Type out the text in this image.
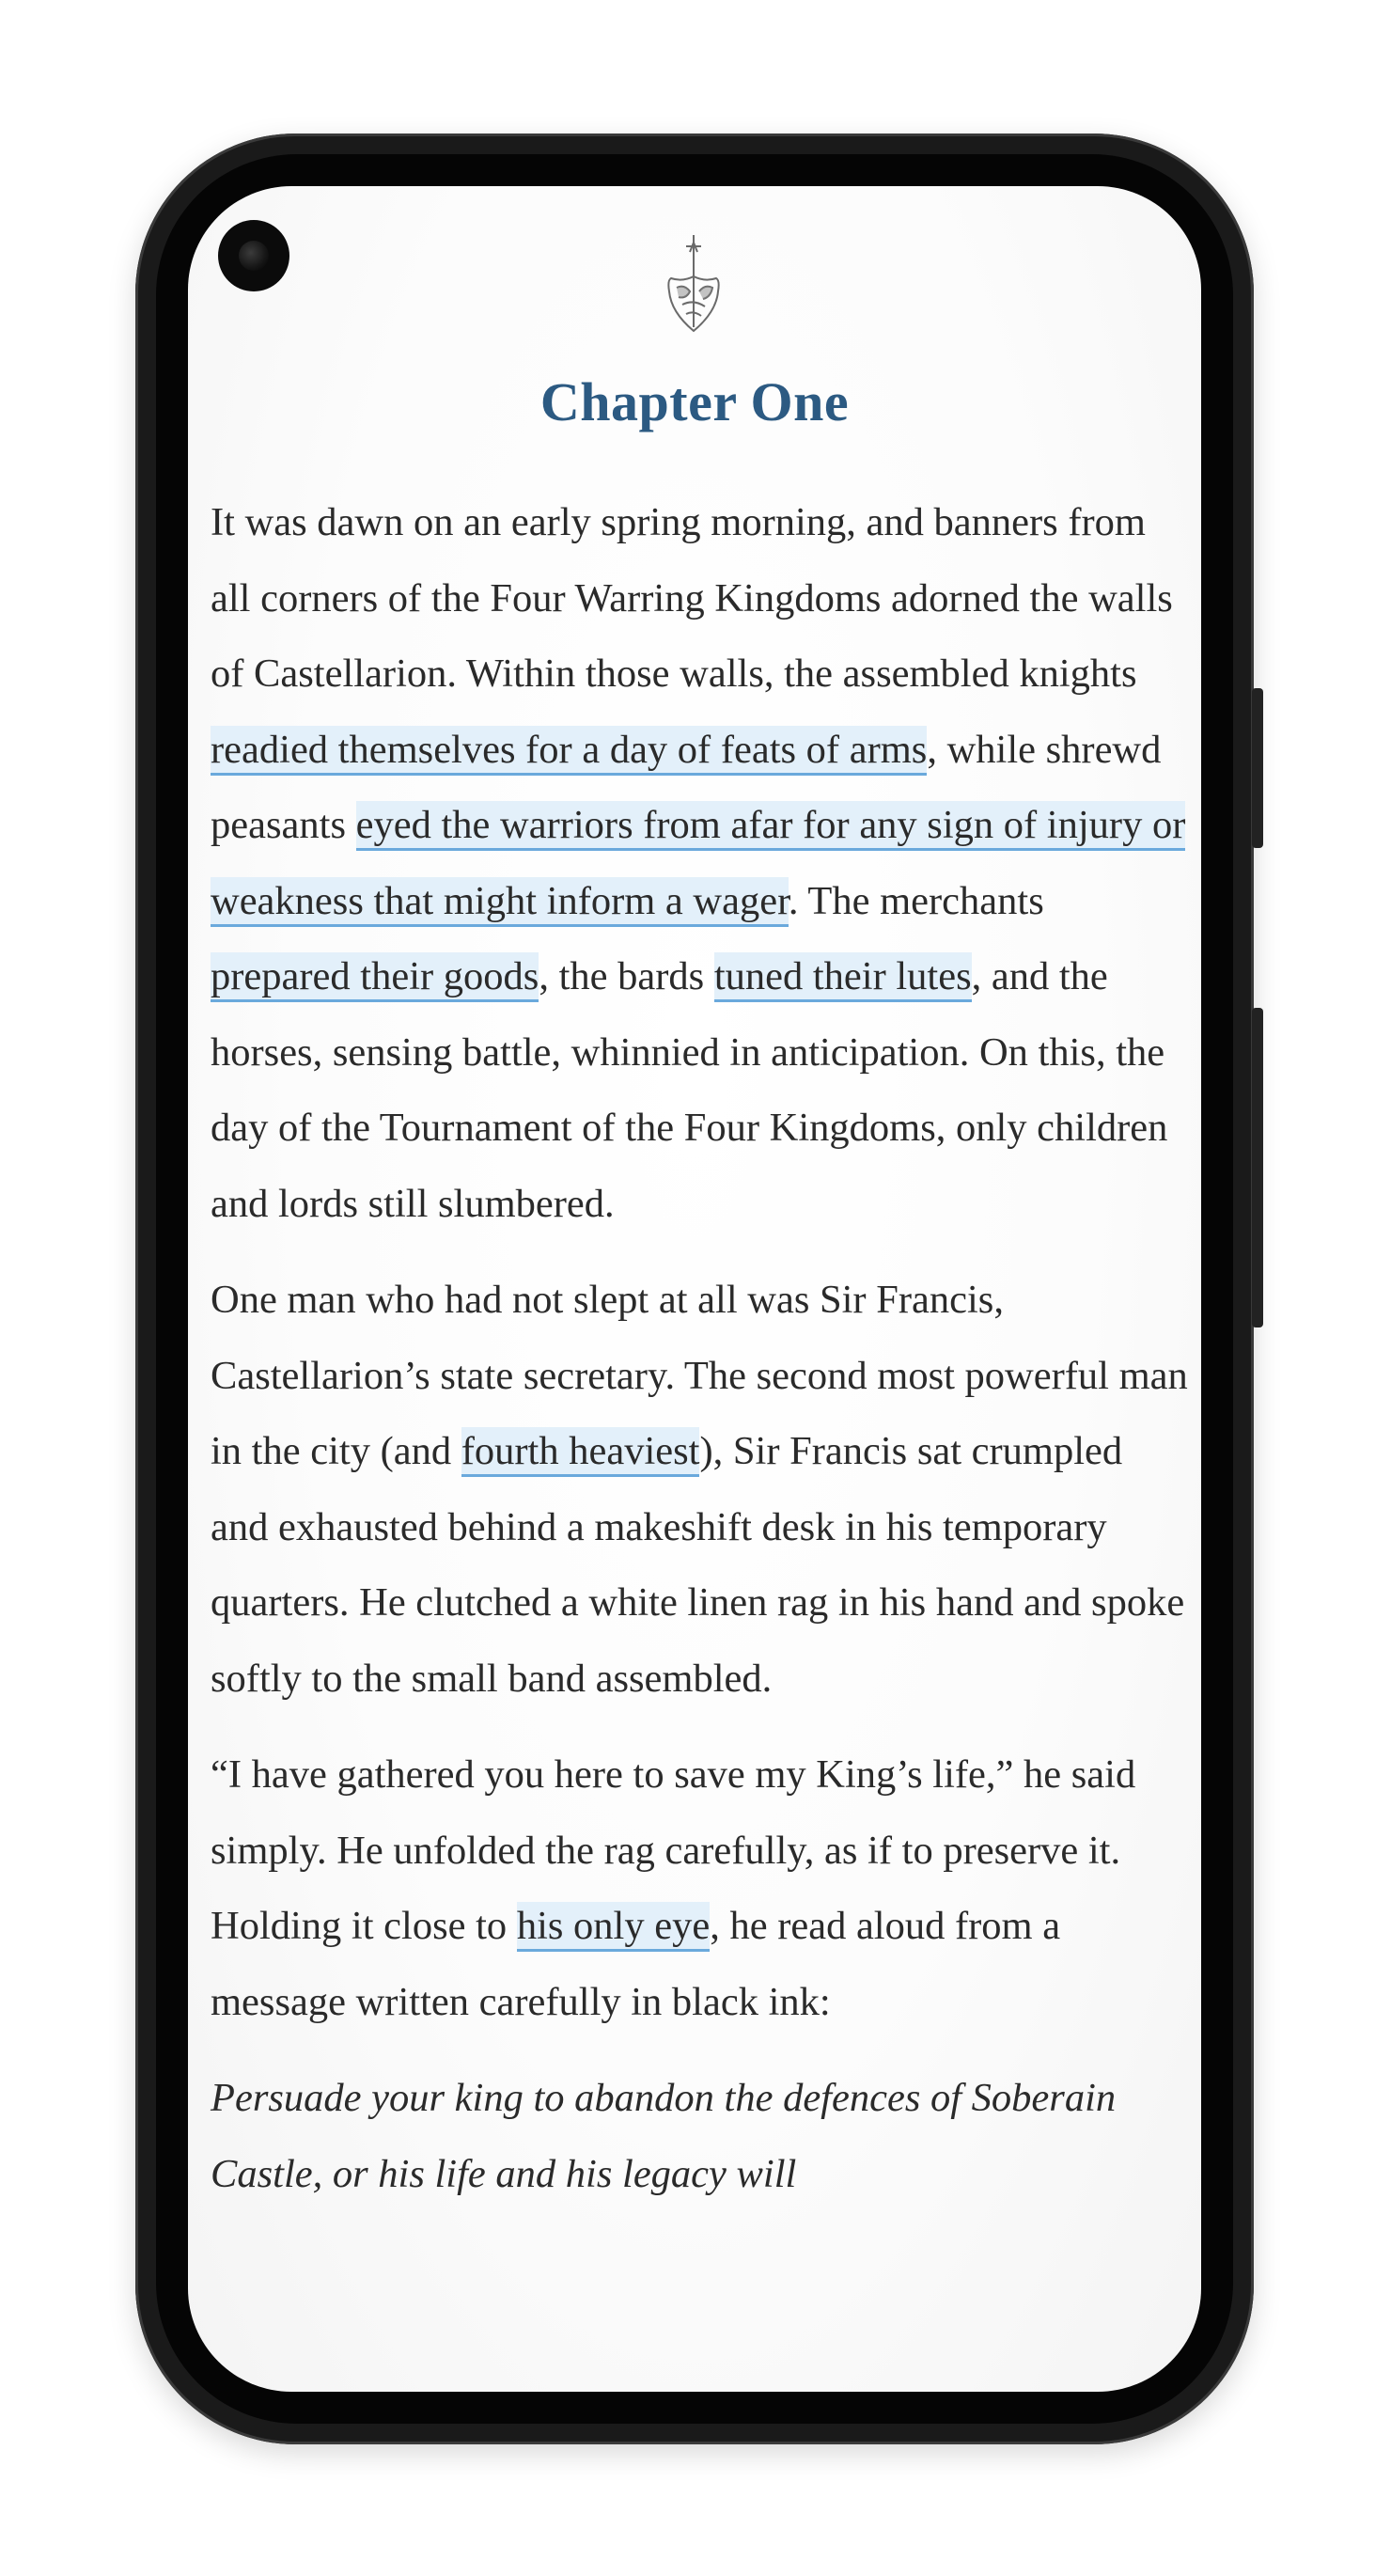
Chapter One

It was dawn on an early spring morning, and banners from all corners of the Four Warring Kingdoms adorned the walls of Castellarion. Within those walls, the assembled knights readied themselves for a day of feats of arms, while shrewd peasants eyed the warriors from afar for any sign of injury or weakness that might inform a wager. The merchants prepared their goods, the bards tuned their lutes, and the horses, sensing battle, whinnied in anticipation. On this, the day of the Tournament of the Four Kingdoms, only children and lords still slumbered.

One man who had not slept at all was Sir Francis, Castellarion’s state secretary. The second most powerful man in the city (and fourth heaviest), Sir Francis sat crumpled and exhausted behind a makeshift desk in his temporary quarters. He clutched a white linen rag in his hand and spoke softly to the small band assembled.

“I have gathered you here to save my King’s life,” he said simply. He unfolded the rag carefully, as if to preserve it. Holding it close to his only eye, he read aloud from a message written carefully in black ink:

Persuade your king to abandon the defences of Soberain Castle, or his life and his legacy will
